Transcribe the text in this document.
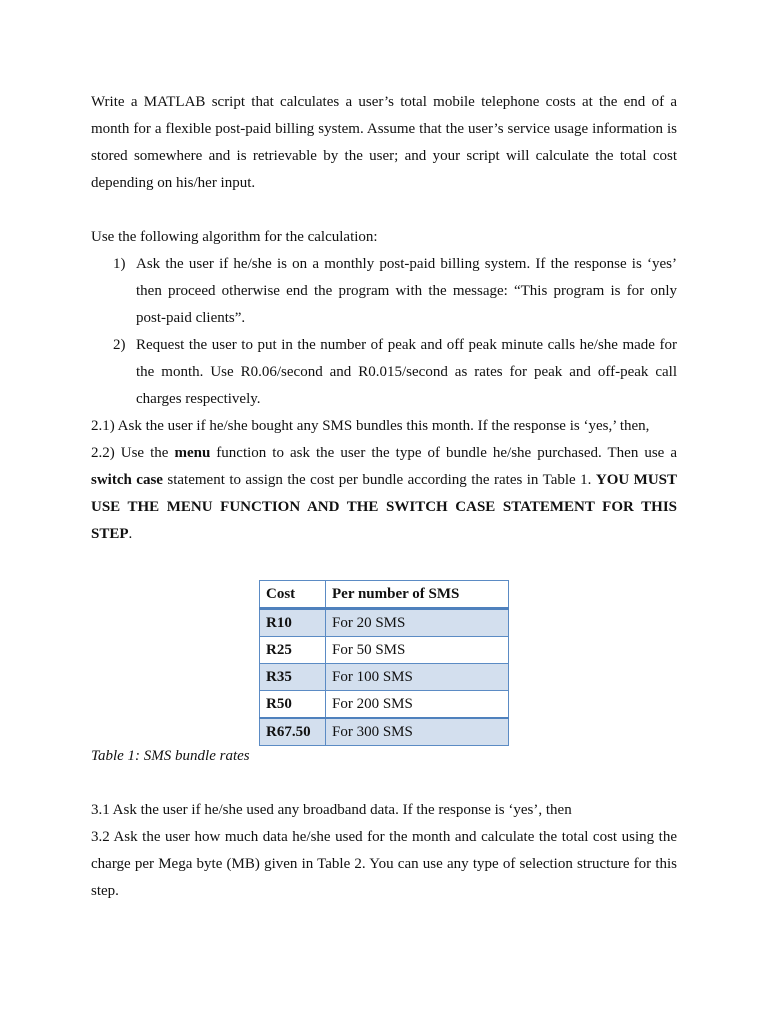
Write a MATLAB script that calculates a user’s total mobile telephone costs at the end of a month for a flexible post-paid billing system. Assume that the user’s service usage information is stored somewhere and is retrievable by the user; and your script will calculate the total cost depending on his/her input.

Use the following algorithm for the calculation:

1) Ask the user if he/she is on a monthly post-paid billing system. If the response is ‘yes’ then proceed otherwise end the program with the message: “This program is for only post-paid clients”.
2) Request the user to put in the number of peak and off peak minute calls he/she made for the month. Use R0.06/second and R0.015/second as rates for peak and off-peak call charges respectively.

2.1) Ask the user if he/she bought any SMS bundles this month. If the response is ‘yes,’ then,

2.2) Use the menu function to ask the user the type of bundle he/she purchased. Then use a switch case statement to assign the cost per bundle according the rates in Table 1. YOU MUST USE THE MENU FUNCTION AND THE SWITCH CASE STATEMENT FOR THIS STEP.

Cost	Per number of SMS
R10	For 20 SMS
R25	For 50 SMS
R35	For 100 SMS
R50	For 200 SMS
R67.50	For 300 SMS

Table 1: SMS bundle rates

3.1 Ask the user if he/she used any broadband data. If the response is ‘yes’, then

3.2 Ask the user how much data he/she used for the month and calculate the total cost using the charge per Mega byte (MB) given in Table 2. You can use any type of selection structure for this step.
